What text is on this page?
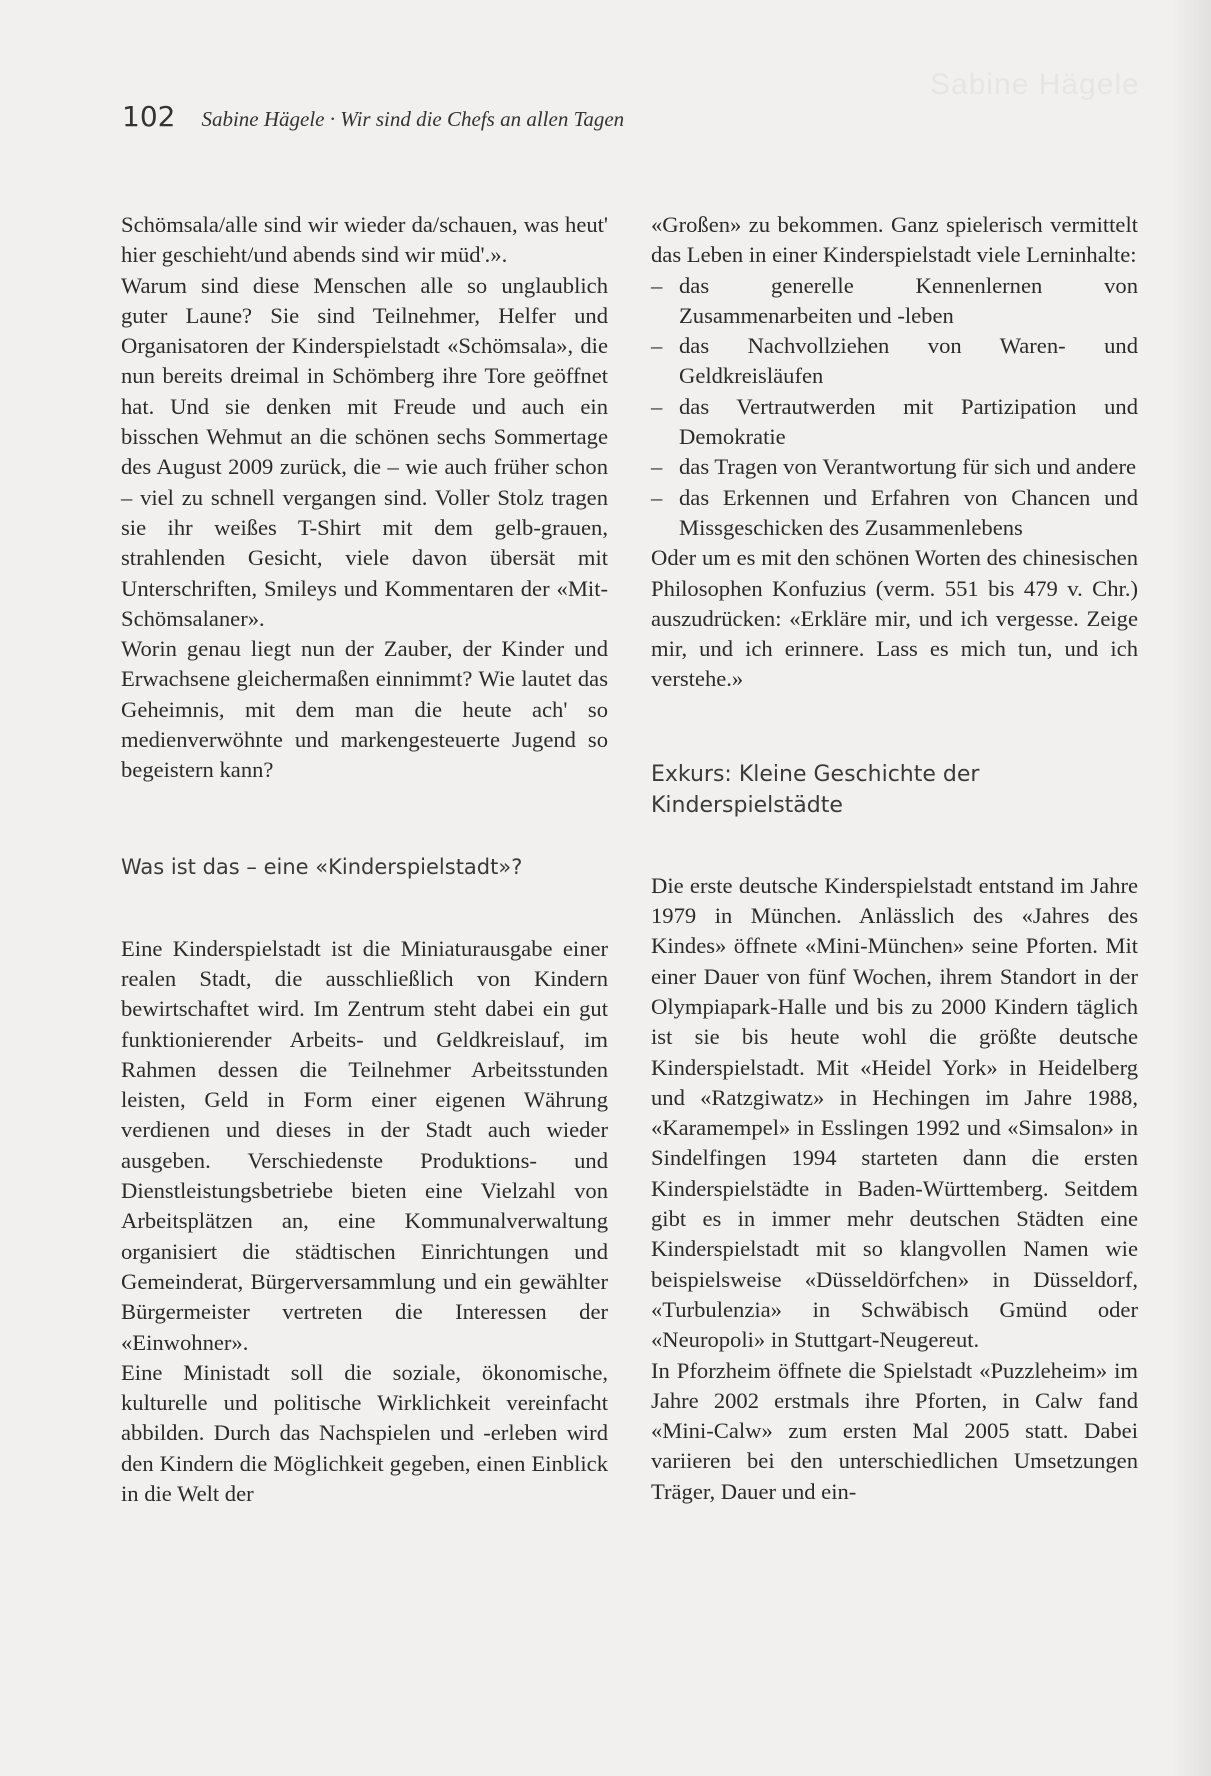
Sabine Hägele
102 Sabine Hägele · Wir sind die Chefs an allen Tagen

Schömsala/alle sind wir wieder da/schauen, was heut' hier geschieht/und abends sind wir müd'.».

Warum sind diese Menschen alle so unglaublich guter Laune? Sie sind Teilnehmer, Helfer und Organisatoren der Kinderspielstadt «Schömsala», die nun bereits dreimal in Schömberg ihre Tore geöffnet hat. Und sie denken mit Freude und auch ein bisschen Wehmut an die schönen sechs Sommertage des August 2009 zurück, die – wie auch früher schon – viel zu schnell vergangen sind. Voller Stolz tragen sie ihr weißes T-Shirt mit dem gelb-grauen, strahlenden Gesicht, viele davon übersät mit Unterschriften, Smileys und Kommentaren der «Mit-Schömsalaner».

Worin genau liegt nun der Zauber, der Kinder und Erwachsene gleichermaßen einnimmt? Wie lautet das Geheimnis, mit dem man die heute ach' so medienverwöhnte und markengesteuerte Jugend so begeistern kann?

Was ist das – eine «Kinderspielstadt»?

Eine Kinderspielstadt ist die Miniaturausgabe einer realen Stadt, die ausschließlich von Kindern bewirtschaftet wird. Im Zentrum steht dabei ein gut funktionierender Arbeits- und Geldkreislauf, im Rahmen dessen die Teilnehmer Arbeitsstunden leisten, Geld in Form einer eigenen Währung verdienen und dieses in der Stadt auch wieder ausgeben. Verschiedenste Produktions- und Dienstleistungsbetriebe bieten eine Vielzahl von Arbeitsplätzen an, eine Kommunalverwaltung organisiert die städtischen Einrichtungen und Gemeinderat, Bürgerversammlung und ein gewählter Bürgermeister vertreten die Interessen der «Einwohner».

Eine Ministadt soll die soziale, ökonomische, kulturelle und politische Wirklichkeit vereinfacht abbilden. Durch das Nachspielen und -erleben wird den Kindern die Möglichkeit gegeben, einen Einblick in die Welt der

«Großen» zu bekommen. Ganz spielerisch vermittelt das Leben in einer Kinderspielstadt viele Lerninhalte:

– das generelle Kennenlernen von Zusammenarbeiten und -leben
– das Nachvollziehen von Waren- und Geldkreisläufen
– das Vertrautwerden mit Partizipation und Demokratie
– das Tragen von Verantwortung für sich und andere
– das Erkennen und Erfahren von Chancen und Missgeschicken des Zusammenlebens

Oder um es mit den schönen Worten des chinesischen Philosophen Konfuzius (verm. 551 bis 479 v. Chr.) auszudrücken: «Erkläre mir, und ich vergesse. Zeige mir, und ich erinnere. Lass es mich tun, und ich verstehe.»

Exkurs: Kleine Geschichte der Kinderspielstädte

Die erste deutsche Kinderspielstadt entstand im Jahre 1979 in München. Anlässlich des «Jahres des Kindes» öffnete «Mini-München» seine Pforten. Mit einer Dauer von fünf Wochen, ihrem Standort in der Olympiapark-Halle und bis zu 2000 Kindern täglich ist sie bis heute wohl die größte deutsche Kinderspielstadt. Mit «Heidel York» in Heidelberg und «Ratzgiwatz» in Hechingen im Jahre 1988, «Karamempel» in Esslingen 1992 und «Simsalon» in Sindelfingen 1994 starteten dann die ersten Kinderspielstädte in Baden-Württemberg. Seitdem gibt es in immer mehr deutschen Städten eine Kinderspielstadt mit so klangvollen Namen wie beispielsweise «Düsseldörfchen» in Düsseldorf, «Turbulenzia» in Schwäbisch Gmünd oder «Neuropoli» in Stuttgart-Neugereut.

In Pforzheim öffnete die Spielstadt «Puzzleheim» im Jahre 2002 erstmals ihre Pforten, in Calw fand «Mini-Calw» zum ersten Mal 2005 statt. Dabei variieren bei den unterschiedlichen Umsetzungen Träger, Dauer und ein-
